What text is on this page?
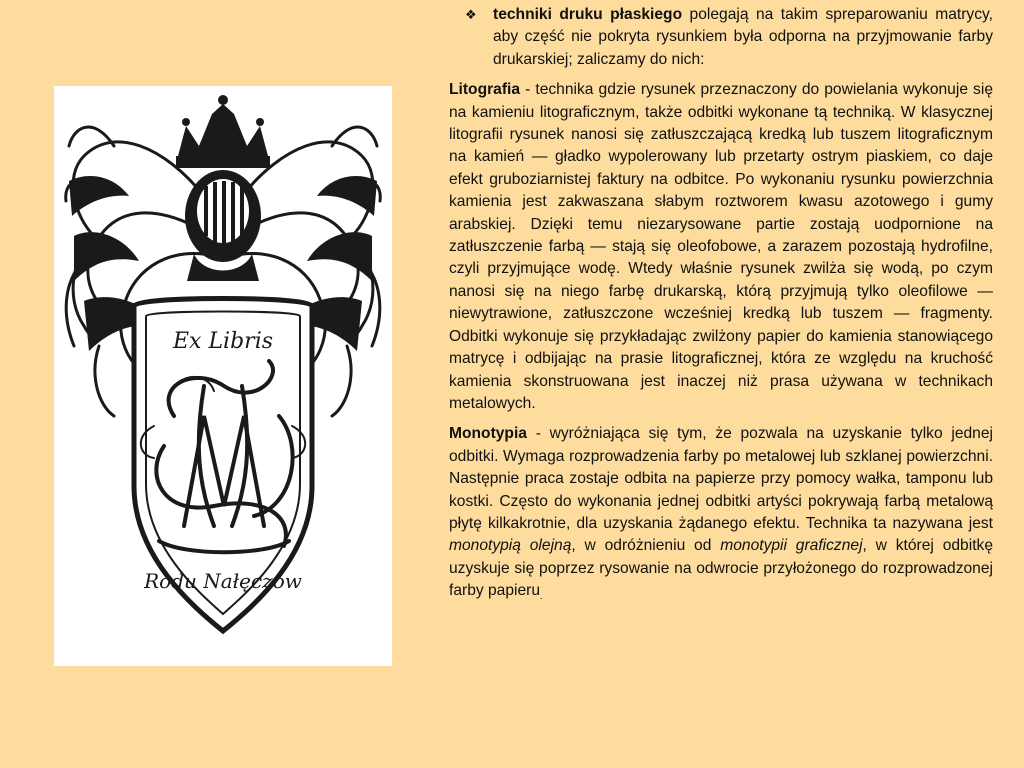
Ex Libris
Rodu Nałęczów
❖ techniki druku płaskiego polegają na takim spreparowaniu matrycy, aby część nie pokryta rysunkiem była odporna na przyjmowanie farby drukarskiej; zaliczamy do nich:

Litografia - technika gdzie rysunek przeznaczony do powielania wykonuje się na kamieniu litograficznym, także odbitki wykonane tą techniką. W klasycznej litografii rysunek nanosi się zatłuszczającą kredką lub tuszem litograficznym na kamień — gładko wypolerowany lub przetarty ostrym piaskiem, co daje efekt gruboziarnistej faktury na odbitce. Po wykonaniu rysunku powierzchnia kamienia jest zakwaszana słabym roztworem kwasu azotowego i gumy arabskiej. Dzięki temu niezarysowane partie zostają uodpornione na zatłuszczenie farbą — stają się oleofobowe, a zarazem pozostają hydrofilne, czyli przyjmujące wodę. Wtedy właśnie rysunek zwilża się wodą, po czym nanosi się na niego farbę drukarską, którą przyjmują tylko oleofilowe — niewytrawione, zatłuszczone wcześniej kredką lub tuszem — fragmenty. Odbitki wykonuje się przykładając zwilżony papier do kamienia stanowiącego matrycę i odbijając na prasie litograficznej, która ze względu na kruchość kamienia skonstruowana jest inaczej niż prasa używana w technikach metalowych.

Monotypia - wyróżniająca się tym, że pozwala na uzyskanie tylko jednej odbitki. Wymaga rozprowadzenia farby po metalowej lub szklanej powierzchni. Następnie praca zostaje odbita na papierze przy pomocy wałka, tamponu lub kostki. Często do wykonania jednej odbitki artyści pokrywają farbą metalową płytę kilkakrotnie, dla uzyskania żądanego efektu. Technika ta nazywana jest monotypią olejną, w odróżnieniu od monotypii graficznej, w której odbitkę uzyskuje się poprzez rysowanie na odwrocie przyłożonego do rozprowadzonej farby papieru$_.$
